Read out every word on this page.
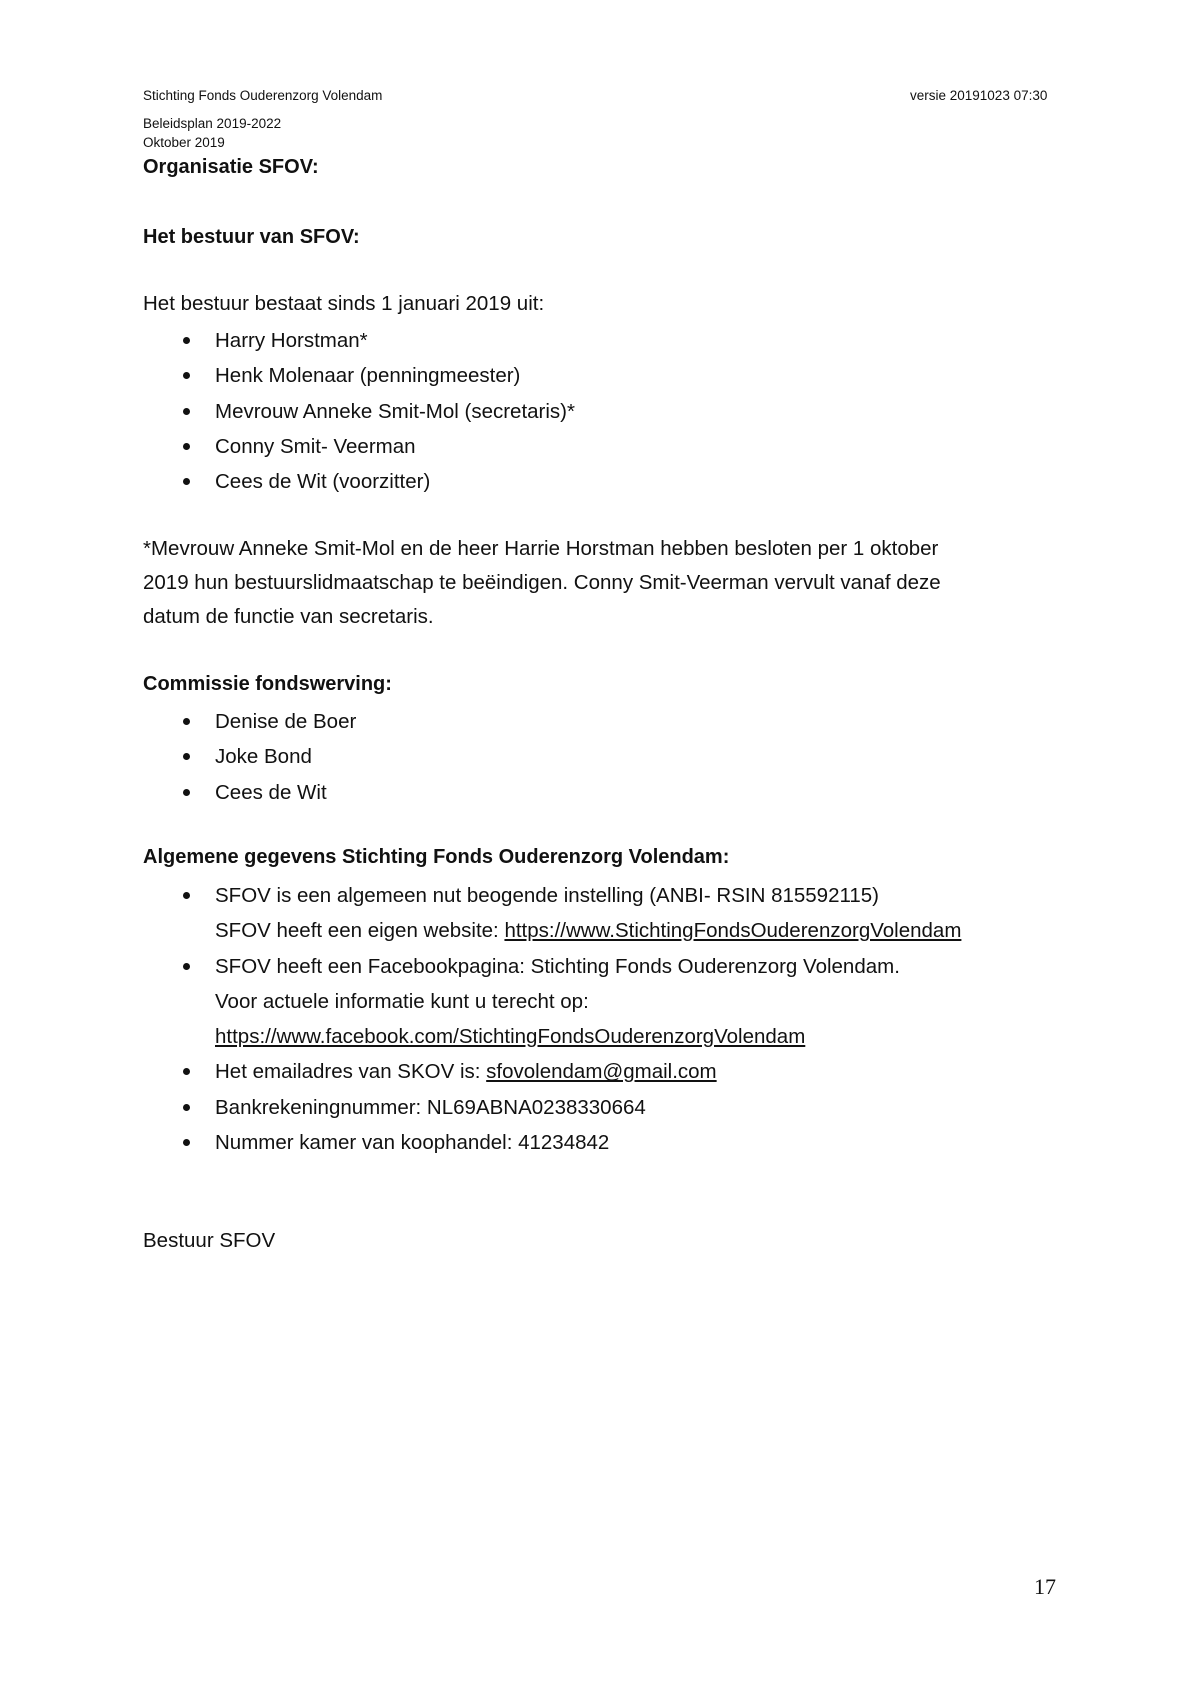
Stichting Fonds Ouderenzorg Volendam	versie 20191023 07:30
Beleidsplan 2019-2022
Oktober 2019
Organisatie SFOV:
Het bestuur van SFOV:
Het bestuur bestaat sinds 1 januari 2019 uit:
Harry Horstman*
Henk Molenaar (penningmeester)
Mevrouw Anneke Smit-Mol (secretaris)*
Conny Smit- Veerman
Cees de Wit (voorzitter)
*Mevrouw Anneke Smit-Mol en de heer Harrie Horstman hebben besloten per 1 oktober
2019 hun bestuurslidmaatschap te beëindigen. Conny Smit-Veerman vervult vanaf deze
datum de functie van secretaris.
Commissie fondswerving:
Denise de Boer
Joke Bond
Cees de Wit
Algemene gegevens Stichting Fonds Ouderenzorg Volendam:
SFOV is een algemeen nut beogende instelling (ANBI- RSIN 815592115)
SFOV heeft een eigen website: https://www.StichtingFondsOuderenzorgVolendam
SFOV heeft een Facebookpagina: Stichting Fonds Ouderenzorg Volendam.
Voor actuele informatie kunt u terecht op:
https://www.facebook.com/StichtingFondsOuderenzorgVolendam
Het emailadres van SKOV is: sfovolendam@gmail.com
Bankrekeningnummer: NL69ABNA0238330664
Nummer kamer van koophandel: 41234842
Bestuur SFOV
17
